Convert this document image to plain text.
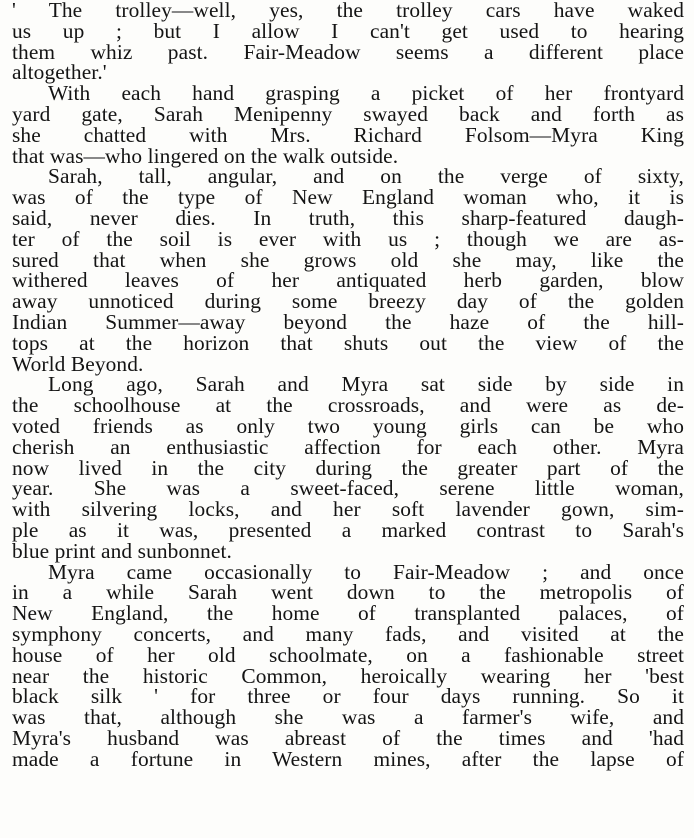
' The trolley—well, yes, the trolley cars have waked
us up ; but I allow I can't get used to hearing
them whiz past. Fair-Meadow seems a different place
altogether.'
With each hand grasping a picket of her frontyard
yard gate, Sarah Menipenny swayed back and forth as
she chatted with Mrs. Richard Folsom—Myra King
that was—who lingered on the walk outside.
Sarah, tall, angular, and on the verge of sixty,
was of the type of New England woman who, it is
said, never dies. In truth, this sharp-featured daugh-
ter of the soil is ever with us ; though we are as-
sured that when she grows old she may, like the
withered leaves of her antiquated herb garden, blow
away unnoticed during some breezy day of the golden
Indian Summer—away beyond the haze of the hill-
tops at the horizon that shuts out the view of the
World Beyond.
Long ago, Sarah and Myra sat side by side in
the schoolhouse at the crossroads, and were as de-
voted friends as only two young girls can be who
cherish an enthusiastic affection for each other. Myra
now lived in the city during the greater part of the
year. She was a sweet-faced, serene little woman,
with silvering locks, and her soft lavender gown, sim-
ple as it was, presented a marked contrast to Sarah's
blue print and sunbonnet.
Myra came occasionally to Fair-Meadow ; and once
in a while Sarah went down to the metropolis of
New England, the home of transplanted palaces, of
symphony concerts, and many fads, and visited at the
house of her old schoolmate, on a fashionable street
near the historic Common, heroically wearing her 'best
black silk ' for three or four days running. So it
was that, although she was a farmer's wife, and
Myra's husband was abreast of the times and 'had
made a fortune in Western mines, after the lapse of
